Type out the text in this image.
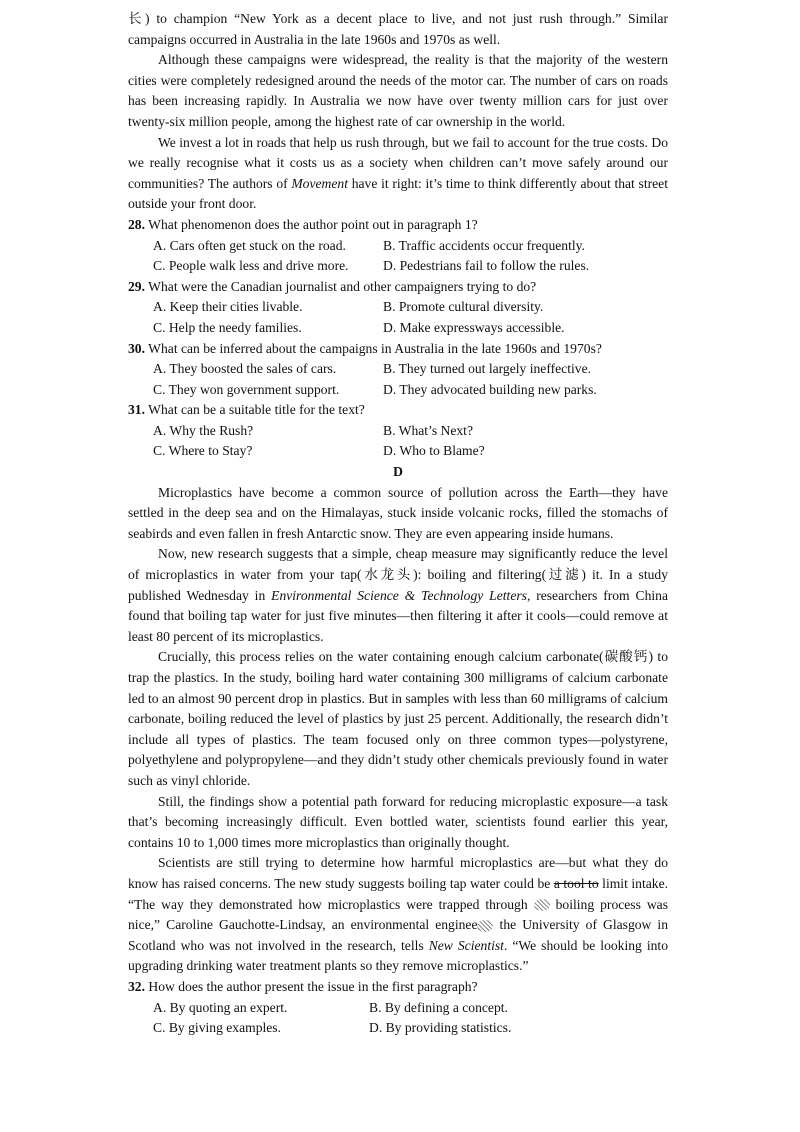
长) to champion “New York as a decent place to live, and not just rush through.” Similar campaigns occurred in Australia in the late 1960s and 1970s as well.

Although these campaigns were widespread, the reality is that the majority of the western cities were completely redesigned around the needs of the motor car. The number of cars on roads has been increasing rapidly. In Australia we now have over twenty million cars for just over twenty-six million people, among the highest rate of car ownership in the world.

We invest a lot in roads that help us rush through, but we fail to account for the true costs. Do we really recognise what it costs us as a society when children can’t move safely around our communities? The authors of Movement have it right: it’s time to think differently about that street outside your front door.

28. What phenomenon does the author point out in paragraph 1?
A. Cars often get stuck on the road.	B. Traffic accidents occur frequently.
C. People walk less and drive more.	D. Pedestrians fail to follow the rules.
29. What were the Canadian journalist and other campaigners trying to do?
A. Keep their cities livable.	B. Promote cultural diversity.
C. Help the needy families.	D. Make expressways accessible.
30. What can be inferred about the campaigns in Australia in the late 1960s and 1970s?
A. They boosted the sales of cars.	B. They turned out largely ineffective.
C. They won government support.	D. They advocated building new parks.
31. What can be a suitable title for the text?
A. Why the Rush?	B. What’s Next?
C. Where to Stay?	D. Who to Blame?

D

Microplastics have become a common source of pollution across the Earth—they have settled in the deep sea and on the Himalayas, stuck inside volcanic rocks, filled the stomachs of seabirds and even fallen in fresh Antarctic snow. They are even appearing inside humans.

Now, new research suggests that a simple, cheap measure may significantly reduce the level of microplastics in water from your tap(水龙头): boiling and filtering(过滤) it. In a study published Wednesday in Environmental Science & Technology Letters, researchers from China found that boiling tap water for just five minutes—then filtering it after it cools—could remove at least 80 percent of its microplastics.

Crucially, this process relies on the water containing enough calcium carbonate(碳酸钙) to trap the plastics. In the study, boiling hard water containing 300 milligrams of calcium carbonate led to an almost 90 percent drop in plastics. But in samples with less than 60 milligrams of calcium carbonate, boiling reduced the level of plastics by just 25 percent. Additionally, the research didn’t include all types of plastics. The team focused only on three common types—polystyrene, polyethylene and polypropylene—and they didn’t study other chemicals previously found in water such as vinyl chloride.

Still, the findings show a potential path forward for reducing microplastic exposure—a task that’s becoming increasingly difficult. Even bottled water, scientists found earlier this year, contains 10 to 1,000 times more microplastics than originally thought.

Scientists are still trying to determine how harmful microplastics are—but what they do know has raised concerns. The new study suggests boiling tap water could be a tool to limit intake. “The way they demonstrated how microplastics were trapped through  boiling process was nice,” Caroline Gauchotte-Lindsay, an environmental enginee the University of Glasgow in Scotland who was not involved in the research, tells New Scientist. “We should be looking into upgrading drinking water treatment plants so they remove microplastics.”

32. How does the author present the issue in the first paragraph?
A. By quoting an expert.	B. By defining a concept.
C. By giving examples.	D. By providing statistics.
